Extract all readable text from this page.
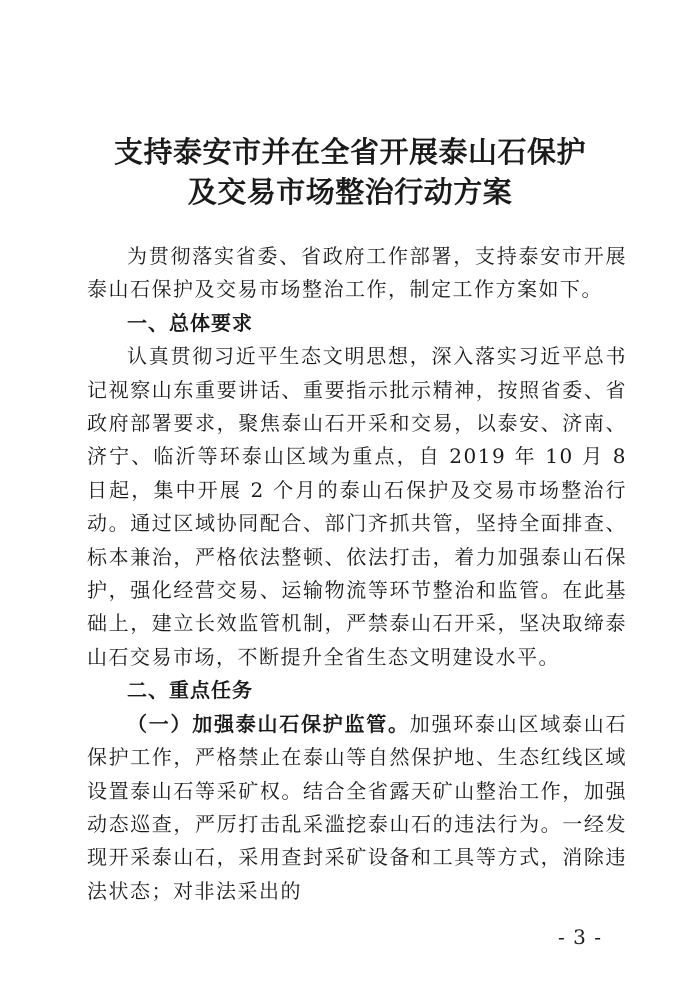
支持泰安市并在全省开展泰山石保护
及交易市场整治行动方案

为贯彻落实省委、省政府工作部署，支持泰安市开展泰山石保护及交易市场整治工作，制定工作方案如下。

一、总体要求

认真贯彻习近平生态文明思想，深入落实习近平总书记视察山东重要讲话、重要指示批示精神，按照省委、省政府部署要求，聚焦泰山石开采和交易，以泰安、济南、济宁、临沂等环泰山区域为重点，自 2019 年 10 月 8 日起，集中开展 2 个月的泰山石保护及交易市场整治行动。通过区域协同配合、部门齐抓共管，坚持全面排查、标本兼治，严格依法整顿、依法打击，着力加强泰山石保护，强化经营交易、运输物流等环节整治和监管。在此基础上，建立长效监管机制，严禁泰山石开采，坚决取缔泰山石交易市场，不断提升全省生态文明建设水平。

二、重点任务

（一）加强泰山石保护监管。加强环泰山区域泰山石保护工作，严格禁止在泰山等自然保护地、生态红线区域设置泰山石等采矿权。结合全省露天矿山整治工作，加强动态巡查，严厉打击乱采滥挖泰山石的违法行为。一经发现开采泰山石，采用查封采矿设备和工具等方式，消除违法状态；对非法采出的

- 3 -
